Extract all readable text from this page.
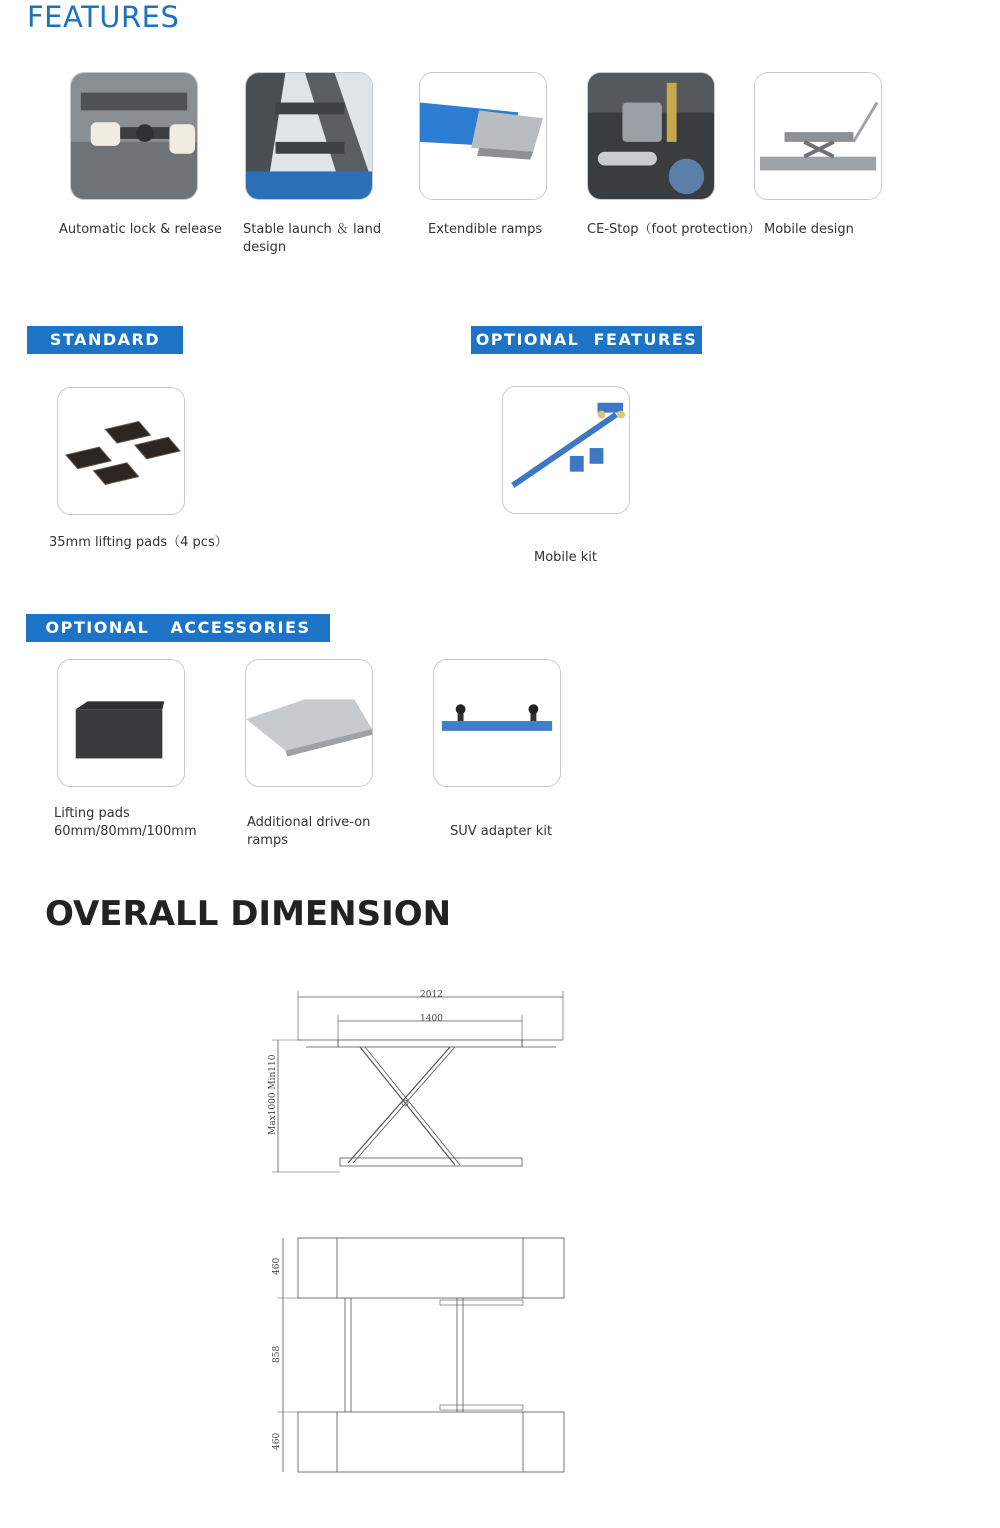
FEATURES
Automatic lock & release Stable launch ＆ land design
Extendible ramps	CE-Stop（foot protection） Mobile design
STANDARD	OPTIONAL  FEATURES
35mm lifting pads（4 pcs）
Mobile kit
OPTIONAL   ACCESSORIES
Lifting pads 60mm/80mm/100mm
Additional drive-on ramps
SUV adapter kit
OVERALL DIMENSION
2012
1400
Max1000 Min110
460
858
460
